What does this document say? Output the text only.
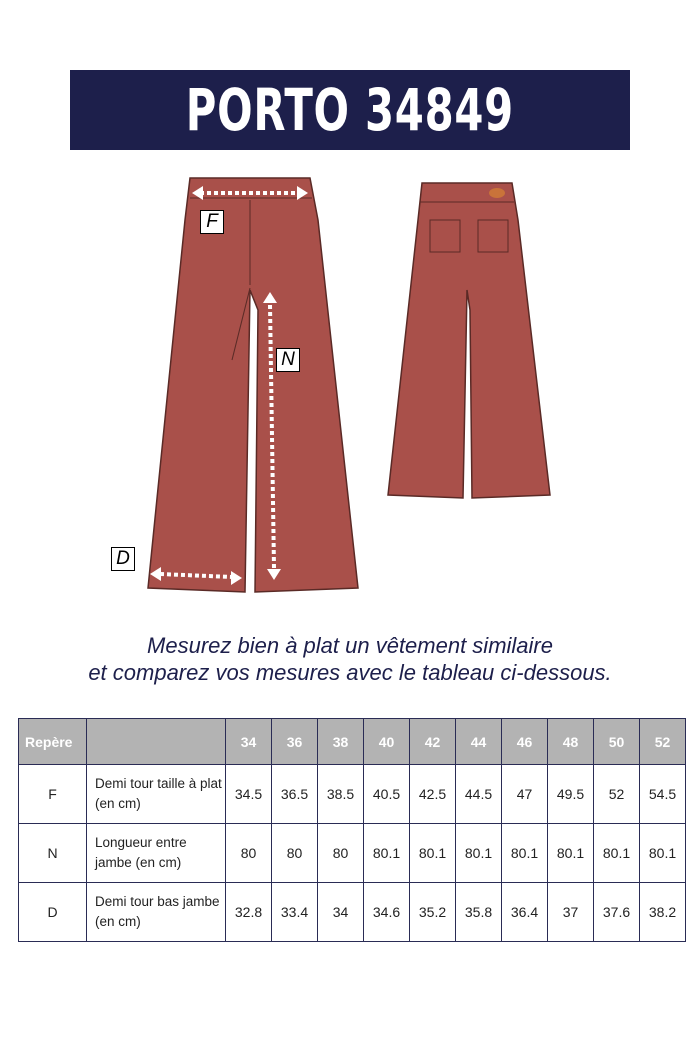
PORTO 34849
F
N
D
Mesurez bien à plat un vêtement similaire
et comparez vos mesures avec le tableau ci-dessous.
Repère		34	36	38	40	42	44	46	48	50	52
F	Demi tour taille à plat (en cm)	34.5	36.5	38.5	40.5	42.5	44.5	47	49.5	52	54.5
N	Longueur entre jambe (en cm)	80	80	80	80.1	80.1	80.1	80.1	80.1	80.1	80.1
D	Demi tour bas jambe (en cm)	32.8	33.4	34	34.6	35.2	35.8	36.4	37	37.6	38.2
